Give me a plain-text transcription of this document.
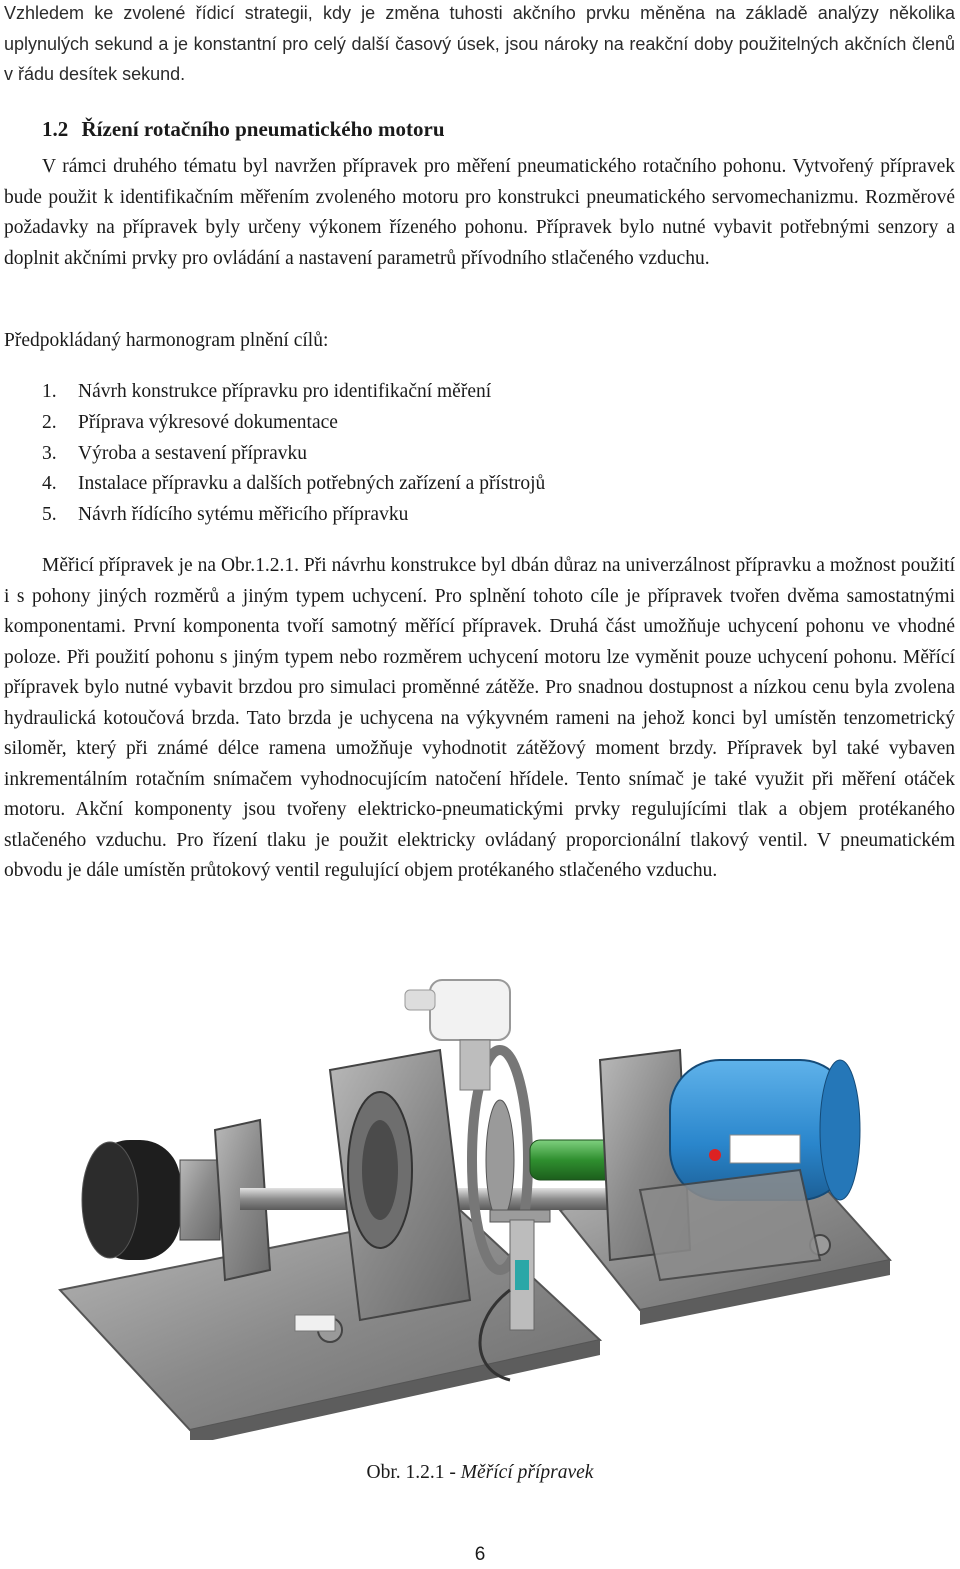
Vzhledem ke zvolené řídicí strategii, kdy je změna tuhosti akčního prvku měněna na základě analýzy několika uplynulých sekund a je konstantní pro celý další časový úsek, jsou nároky na reakční doby použitelných akčních členů v řádu desítek sekund.

1.2 Řízení rotačního pneumatického motoru

V rámci druhého tématu byl navržen přípravek pro měření pneumatického rotačního pohonu. Vytvořený přípravek bude použit k identifikačním měřením zvoleného motoru pro konstrukci pneumatického servomechanizmu. Rozměrové požadavky na přípravek byly určeny výkonem řízeného pohonu. Přípravek bylo nutné vybavit potřebnými senzory a doplnit akčními prvky pro ovládání a nastavení parametrů přívodního stlačeného vzduchu.

Předpokládaný harmonogram plnění cílů:

1. Návrh konstrukce přípravku pro identifikační měření
2. Příprava výkresové dokumentace
3. Výroba a sestavení přípravku
4. Instalace přípravku a dalších potřebných zařízení a přístrojů
5. Návrh řídícího sytému měřicího přípravku

Měřicí přípravek je na Obr.1.2.1. Při návrhu konstrukce byl dbán důraz na univerzálnost přípravku a možnost použití i s pohony jiných rozměrů a jiným typem uchycení. Pro splnění tohoto cíle je přípravek tvořen dvěma samostatnými komponentami. První komponenta tvoří samotný měřící přípravek. Druhá část umožňuje uchycení pohonu ve vhodné poloze. Při použití pohonu s jiným typem nebo rozměrem uchycení motoru lze vyměnit pouze uchycení pohonu. Měřící přípravek bylo nutné vybavit brzdou pro simulaci proměnné zátěže. Pro snadnou dostupnost a nízkou cenu byla zvolena hydraulická kotoučová brzda. Tato brzda je uchycena na výkyvném rameni na jehož konci byl umístěn tenzometrický siloměr, který při známé délce ramena umožňuje vyhodnotit zátěžový moment brzdy. Přípravek byl také vybaven inkrementálním rotačním snímačem vyhodnocujícím natočení hřídele. Tento snímač je také využit při měření otáček motoru. Akční komponenty jsou tvořeny elektricko-pneumatickými prvky regulujícími tlak a objem protékaného stlačeného vzduchu. Pro řízení tlaku je použit elektricky ovládaný proporcionální tlakový ventil. V pneumatickém obvodu je dále umístěn průtokový ventil regulující objem protékaného stlačeného vzduchu.

Obr. 1.2.1 - Měřící přípravek
6
